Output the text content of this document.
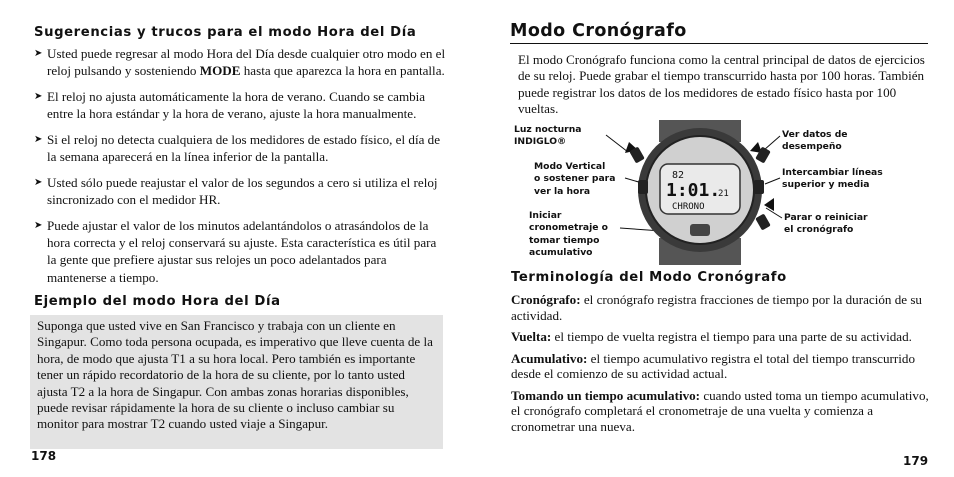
Sugerencias y trucos para el modo Hora del Día
➤ Usted puede regresar al modo Hora del Día desde cualquier otro modo en el reloj pulsando y sosteniendo MODE hasta que aparezca la hora en pantalla.
➤ El reloj no ajusta automáticamente la hora de verano. Cuando se cambia entre la hora estándar y la hora de verano, ajuste la hora manualmente.
➤ Si el reloj no detecta cualquiera de los medidores de estado físico, el día de la semana aparecerá en la línea inferior de la pantalla.
➤ Usted sólo puede reajustar el valor de los segundos a cero si utiliza el reloj sincronizado con el medidor HR.
➤ Puede ajustar el valor de los minutos adelantándolos o atrasándolos de la hora correcta y el reloj conservará su ajuste. Esta característica es útil para la gente que prefiere ajustar sus relojes un poco adelantados para mantenerse a tiempo.
Ejemplo del modo Hora del Día
Suponga que usted vive en San Francisco y trabaja con un cliente en Singapur. Como toda persona ocupada, es imperativo que lleve cuenta de la hora, de modo que ajusta T1 a su hora local. Pero también es importante tener un rápido recordatorio de la hora de su cliente, por lo tanto usted ajusta T2 a la hora de Singapur. Con ambas zonas horarias disponibles, puede revisar rápidamente la hora de su cliente o incluso cambiar su monitor para mostrar T2 cuando usted viaje a Singapur.
178
Modo Cronógrafo
El modo Cronógrafo funciona como la central principal de datos de ejercicios de su reloj. Puede grabar el tiempo transcurrido hasta por 100 horas. También puede registrar los datos de los medidores de estado físico hasta por 100 vueltas.
82
1:01.
21
CHRONO
Luz nocturna
INDIGLO®
Modo Vertical
o sostener para
ver la hora
Iniciar
cronometraje o
tomar tiempo
acumulativo
Ver datos de
desempeño
Intercambiar líneas
superior y media
Parar o reiniciar
el cronógrafo
Terminología del Modo Cronógrafo
Cronógrafo: el cronógrafo registra fracciones de tiempo por la duración de su actividad.
Vuelta: el tiempo de vuelta registra el tiempo para una parte de su actividad.
Acumulativo: el tiempo acumulativo registra el total del tiempo transcurrido desde el comienzo de su actividad actual.
Tomando un tiempo acumulativo: cuando usted toma un tiempo acumulativo, el cronógrafo completará el cronometraje de una vuelta y comienza a cronometrar una nueva.
179
